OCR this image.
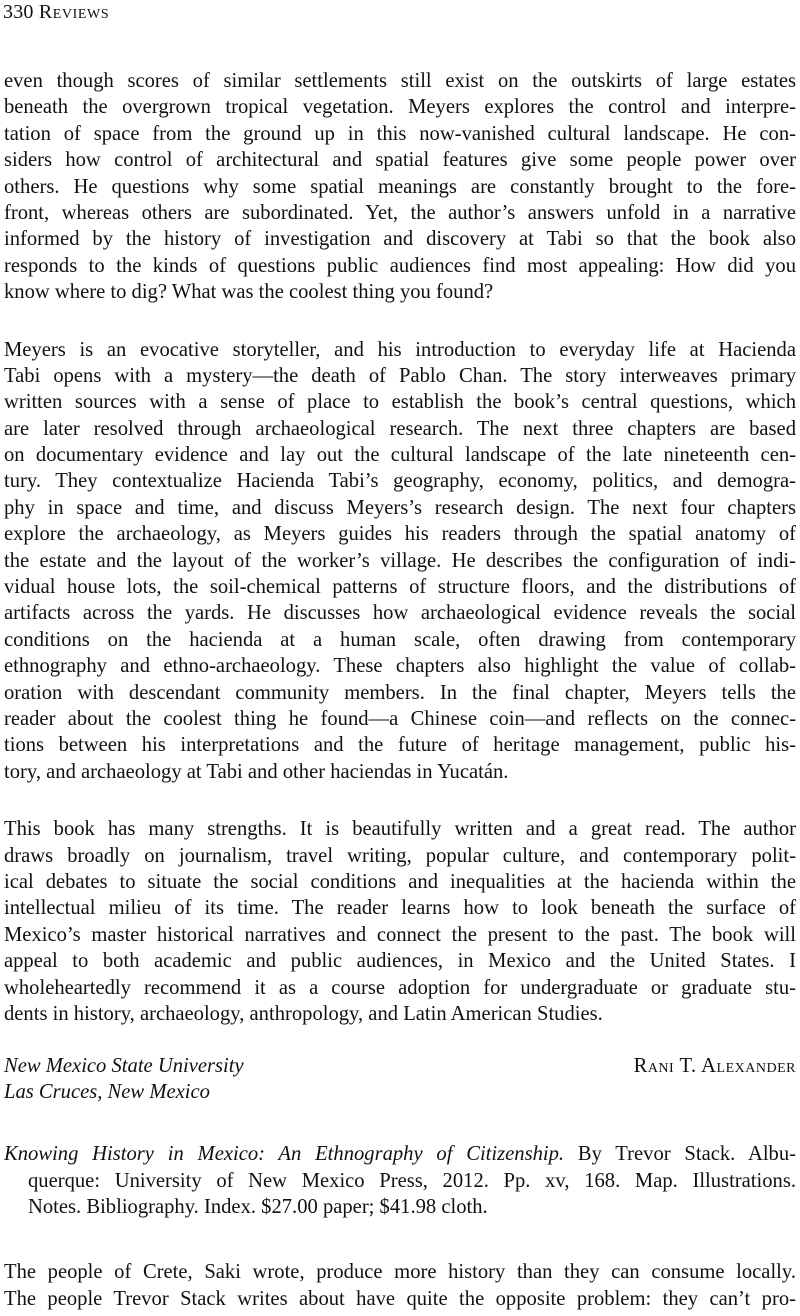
330 Reviews
even though scores of similar settlements still exist on the outskirts of large estates
beneath the overgrown tropical vegetation. Meyers explores the control and interpre-
tation of space from the ground up in this now-vanished cultural landscape. He con-
siders how control of architectural and spatial features give some people power over
others. He questions why some spatial meanings are constantly brought to the fore-
front, whereas others are subordinated. Yet, the author’s answers unfold in a narrative
informed by the history of investigation and discovery at Tabi so that the book also
responds to the kinds of questions public audiences find most appealing: How did you
know where to dig? What was the coolest thing you found?
Meyers is an evocative storyteller, and his introduction to everyday life at Hacienda
Tabi opens with a mystery—the death of Pablo Chan. The story interweaves primary
written sources with a sense of place to establish the book’s central questions, which
are later resolved through archaeological research. The next three chapters are based
on documentary evidence and lay out the cultural landscape of the late nineteenth cen-
tury. They contextualize Hacienda Tabi’s geography, economy, politics, and demogra-
phy in space and time, and discuss Meyers’s research design. The next four chapters
explore the archaeology, as Meyers guides his readers through the spatial anatomy of
the estate and the layout of the worker’s village. He describes the configuration of indi-
vidual house lots, the soil-chemical patterns of structure floors, and the distributions of
artifacts across the yards. He discusses how archaeological evidence reveals the social
conditions on the hacienda at a human scale, often drawing from contemporary
ethnography and ethno-archaeology. These chapters also highlight the value of collab-
oration with descendant community members. In the final chapter, Meyers tells the
reader about the coolest thing he found—a Chinese coin—and reflects on the connec-
tions between his interpretations and the future of heritage management, public his-
tory, and archaeology at Tabi and other haciendas in Yucatán.
This book has many strengths. It is beautifully written and a great read. The author
draws broadly on journalism, travel writing, popular culture, and contemporary polit-
ical debates to situate the social conditions and inequalities at the hacienda within the
intellectual milieu of its time. The reader learns how to look beneath the surface of
Mexico’s master historical narratives and connect the present to the past. The book will
appeal to both academic and public audiences, in Mexico and the United States. I
wholeheartedly recommend it as a course adoption for undergraduate or graduate stu-
dents in history, archaeology, anthropology, and Latin American Studies.
New Mexico State University
Las Cruces, New Mexico
Rani T. Alexander
Knowing History in Mexico: An Ethnography of Citizenship. By Trevor Stack. Albu-
querque: University of New Mexico Press, 2012. Pp. xv, 168. Map. Illustrations.
Notes. Bibliography. Index. $27.00 paper; $41.98 cloth.
The people of Crete, Saki wrote, produce more history than they can consume locally.
The people Trevor Stack writes about have quite the opposite problem: they can’t pro-
